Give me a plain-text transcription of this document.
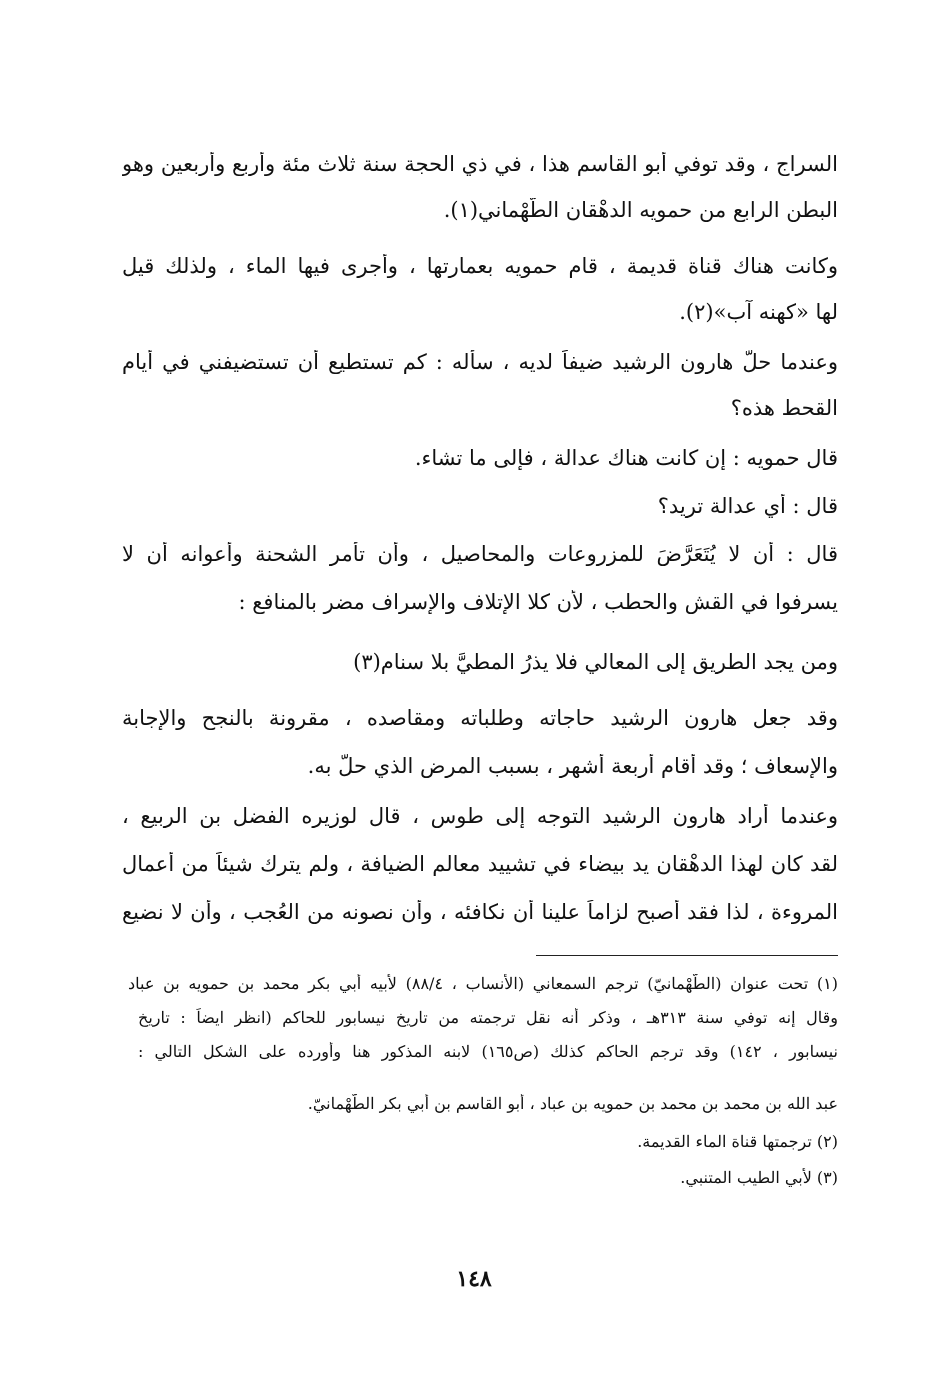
السراج ، وقد توفي أبو القاسم هذا ، في ذي الحجة سنة ثلاث مئة وأربع وأربعين وهو
البطن الرابع من حمويه الدهْقان الطّهْماني(١).
وكانت هناك قناة قديمة ، قام حمويه بعمارتها ، وأجرى فيها الماء ، ولذلك قيل
لها «كهنه آب»(٢).
وعندما حلّ هارون الرشيد ضيفاً لديه ، سأله : كم تستطيع أن تستضيفني في أيام
القحط هذه؟
قال حمويه : إن كانت هناك عدالة ، فإلى ما تشاء.
قال : أي عدالة تريد؟
قال : أن لا يُتَعَرَّضَ للمزروعات والمحاصيل ، وأن تأمر الشحنة وأعوانه أن لا
يسرفوا في القش والحطب ، لأن كلا الإتلاف والإسراف مضر بالمنافع :
ومن يجد الطريق إلى المعالي فلا يذرُ المطيَّ بلا سنامِ(٣)
وقد جعل هارون الرشيد حاجاته وطلباته ومقاصده ، مقرونة بالنجح والإجابة
والإسعاف ؛ وقد أقام أربعة أشهر ، بسبب المرض الذي حلّ به.
وعندما أراد هارون الرشيد التوجه إلى طوس ، قال لوزيره الفضل بن الربيع ،
لقد كان لهذا الدهْقان يد بيضاء في تشييد معالم الضيافة ، ولم يترك شيئاً من أعمال
المروءة ، لذا فقد أصبح لزاماً علينا أن نكافئه ، وأن نصونه من العُجب ، وأن لا نضيع
(١) تحت عنوان (الطّهْمانيّ) ترجم السمعاني (الأنساب ، ٨٨/٤) لأبيه أبي بكر محمد بن حمويه بن عباد
وقال إنه توفي سنة ٣١٣هـ ، وذكر أنه نقل ترجمته من تاريخ نيسابور للحاكم (انظر ايضاً : تاريخ
نيسابور ، ١٤٢) وقد ترجم الحاكم كذلك (ص١٦٥) لابنه المذكور هنا وأورده على الشكل التالي :
عبد الله بن محمد بن محمد بن حمويه بن عباد ، أبو القاسم بن أبي بكر الطّهْمانيّ.
(٢) ترجمتها قناة الماء القديمة.
(٣) لأبي الطيب المتنبي.
١٤٨
